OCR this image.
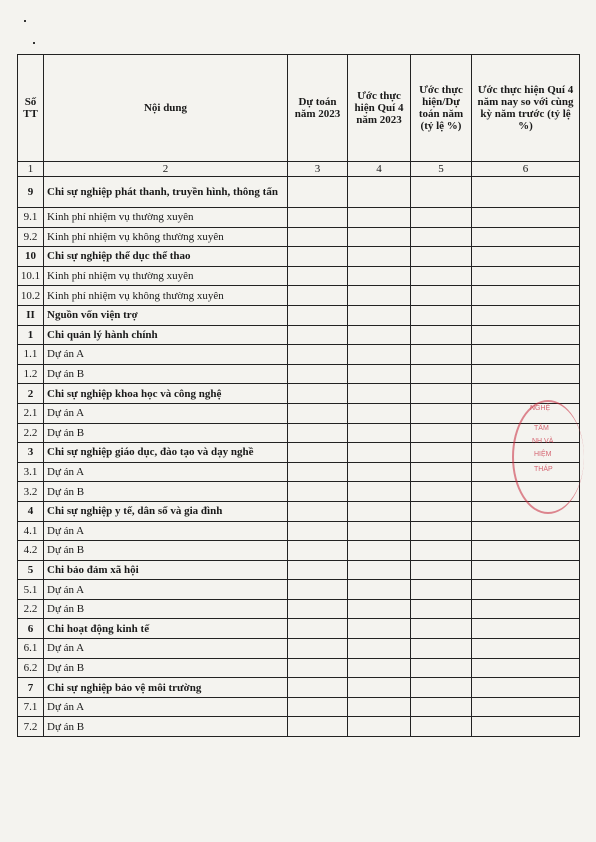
Số TT	Nội dung	Dự toán năm 2023	Ước thực hiện Quí 4 năm 2023	Ước thực hiện/Dự toán năm (tỷ lệ %)	Ước thực hiện Quí 4 năm nay so với cùng kỳ năm trước (tỷ lệ %)
1	2	3	4	5	6
9	Chi sự nghiệp phát thanh, truyền hình, thông tấn				
9.1	Kinh phí nhiệm vụ thường xuyên				
9.2	Kinh phí nhiệm vụ không thường xuyên				
10	Chi sự nghiệp thể dục thể thao				
10.1	Kinh phí nhiệm vụ thường xuyên				
10.2	Kinh phí nhiệm vụ không thường xuyên				
II	Nguồn vốn viện trợ				
1	Chi quản lý hành chính				
1.1	Dự án A				
1.2	Dự án B				
2	Chi sự nghiệp khoa học và công nghệ				
2.1	Dự án A				
2.2	Dự án B				
3	Chi sự nghiệp giáo dục, đào tạo và dạy nghề				
3.1	Dự án A				
3.2	Dự án B				
4	Chi sự nghiệp y tế, dân số và gia đình				
4.1	Dự án A				
4.2	Dự án B				
5	Chi bảo đảm xã hội				
5.1	Dự án A				
2.2	Dự án B				
6	Chi hoạt động kinh tế				
6.1	Dự án A				
6.2	Dự án B				
7	Chi sự nghiệp bảo vệ môi trường				
7.1	Dự án A				
7.2	Dự án B				
NGHỆ
TÂM
NH VÀ
HIỆM
THÁP
